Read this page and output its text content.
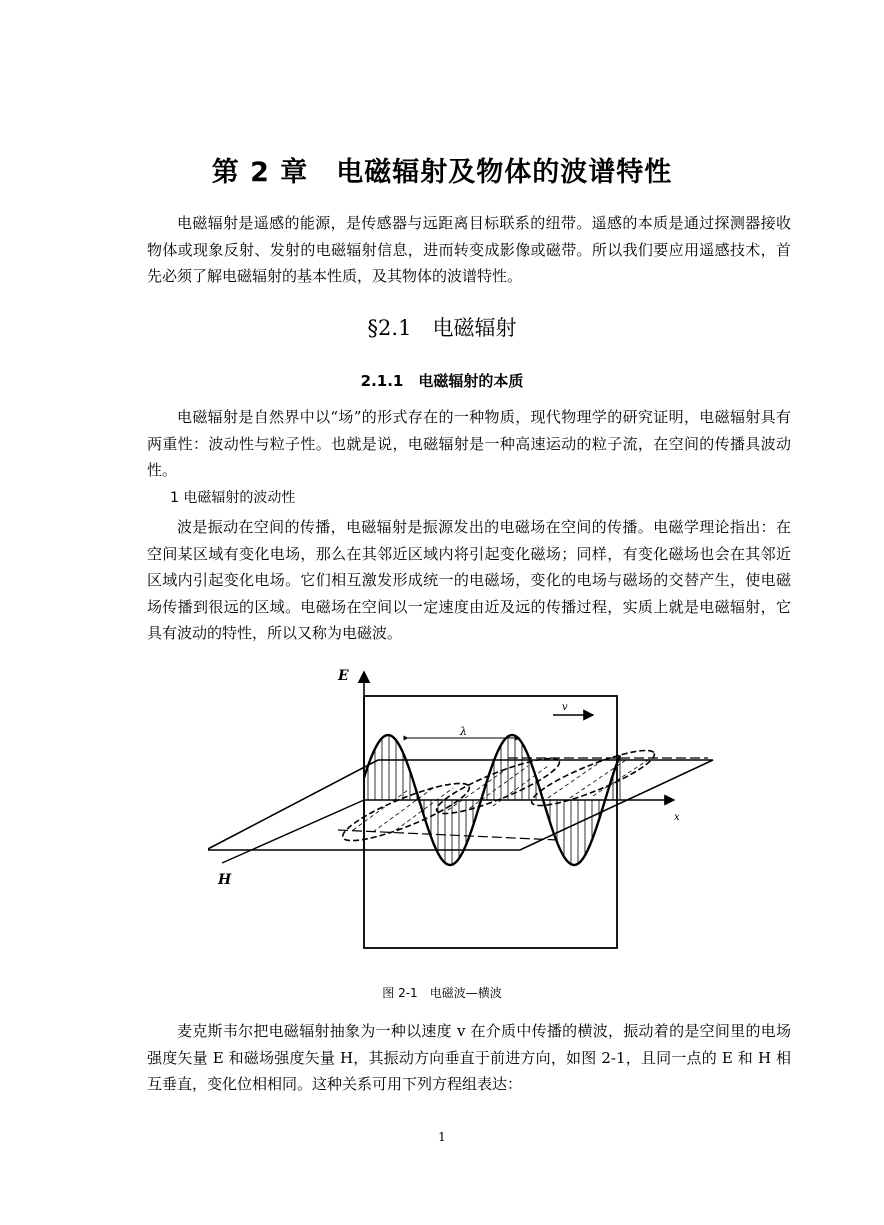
第 2 章　电磁辐射及物体的波谱特性

电磁辐射是遥感的能源，是传感器与远距离目标联系的纽带。遥感的本质是通过探测器接收物体或现象反射、发射的电磁辐射信息，进而转变成影像或磁带。所以我们要应用遥感技术，首先必须了解电磁辐射的基本性质，及其物体的波谱特性。

§2.1　电磁辐射
2.1.1　电磁辐射的本质

电磁辐射是自然界中以“场”的形式存在的一种物质，现代物理学的研究证明，电磁辐射具有两重性：波动性与粒子性。也就是说，电磁辐射是一种高速运动的粒子流，在空间的传播具波动性。

1 电磁辐射的波动性

波是振动在空间的传播，电磁辐射是振源发出的电磁场在空间的传播。电磁学理论指出：在空间某区域有变化电场，那么在其邻近区域内将引起变化磁场；同样，有变化磁场也会在其邻近区域内引起变化电场。它们相互激发形成统一的电磁场，变化的电场与磁场的交替产生，使电磁场传播到很远的区域。电磁场在空间以一定速度由近及远的传播过程，实质上就是电磁辐射，它具有波动的特性，所以又称为电磁波。

E
H
λ
v
x
图 2-1　电磁波—横波

麦克斯韦尔把电磁辐射抽象为一种以速度 v 在介质中传播的横波，振动着的是空间里的电场强度矢量 E 和磁场强度矢量 H，其振动方向垂直于前进方向，如图 2-1，且同一点的 E 和 H 相互垂直，变化位相相同。这种关系可用下列方程组表达：

1
